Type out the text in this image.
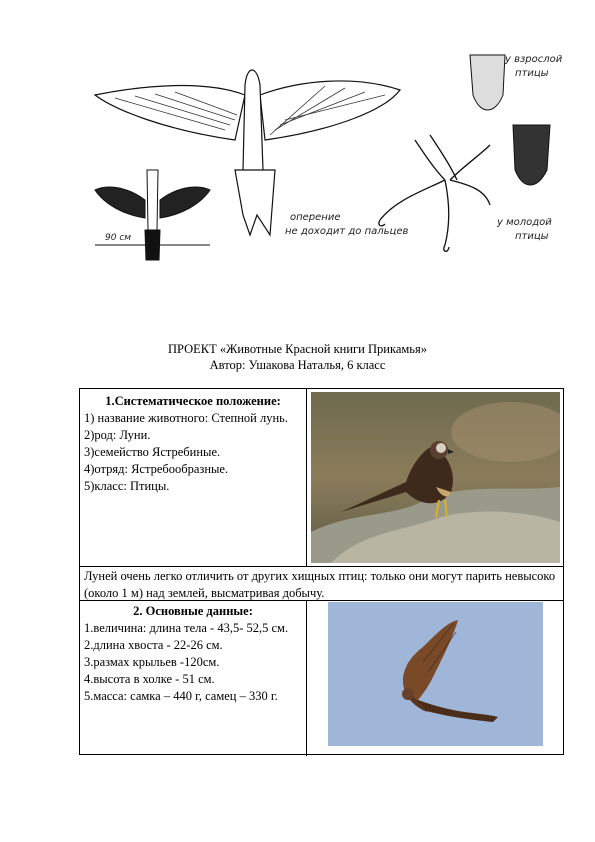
90 см
у взрослой птицы
оперение не доходит до пальцев
у молодой птицы
ПРОЕКТ «Животные Красной книги Прикамья»
Автор: Ушакова Наталья, 6 класс
1.Систематическое положение:
1) название животного: Степной лунь.
2)род: Луни.
3)семейство Ястребиные.
4)отряд: Ястребообразные.
5)класс: Птицы.
Луней очень легко отличить от других хищных птиц: только они могут парить невысоко (около 1 м) над землей, высматривая добычу.
2. Основные данные:
1.величина: длина тела - 43,5- 52,5 см.
2.длина хвоста - 22-26 см.
3.размах крыльев -120см.
4.высота в холке - 51 см.
5.масса: самка – 440 г, самец – 330 г.
